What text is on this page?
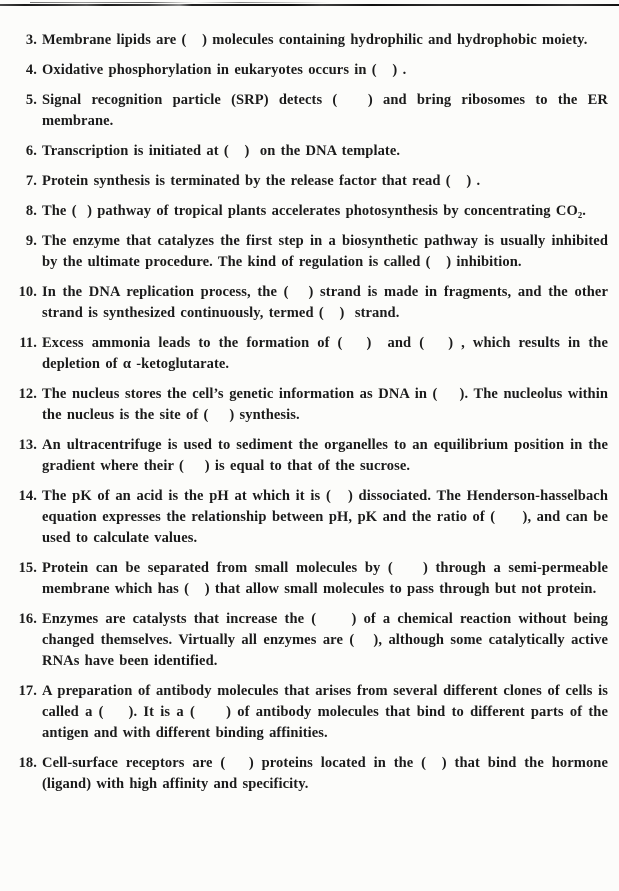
3. Membrane lipids are (   ) molecules containing hydrophilic and hydrophobic moiety.
4. Oxidative phosphorylation in eukaryotes occurs in (   ) .
5. Signal recognition particle (SRP) detects (   ) and bring ribosomes to the ER membrane.
6. Transcription is initiated at (   )  on the DNA template.
7. Protein synthesis is terminated by the release factor that read (   ) .
8. The (  ) pathway of tropical plants accelerates photosynthesis by concentrating CO₂.
9. The enzyme that catalyzes the first step in a biosynthetic pathway is usually inhibited by the ultimate procedure. The kind of regulation is called (   ) inhibition.
10. In the DNA replication process, the (   ) strand is made in fragments, and the other strand is synthesized continuously, termed (   )  strand.
11. Excess ammonia leads to the formation of (   )  and (   ) , which results in the depletion of α -ketoglutarate.
12. The nucleus stores the cell’s genetic information as DNA in (    ). The nucleolus within the nucleus is the site of (    ) synthesis.
13. An ultracentrifuge is used to sediment the organelles to an equilibrium position in the gradient where their (    ) is equal to that of the sucrose.
14. The pK of an acid is the pH at which it is (   ) dissociated. The Henderson-hasselbach equation expresses the relationship between pH, pK and the ratio of (     ), and can be used to calculate values.
15. Protein can be separated from small molecules by (    ) through a semi-permeable membrane which has (   ) that allow small molecules to pass through but not protein.
16. Enzymes are catalysts that increase the (     ) of a chemical reaction without being changed themselves. Virtually all enzymes are (   ), although some catalytically active RNAs have been identified.
17. A preparation of antibody molecules that arises from several different clones of cells is called a (    ). It is a (     ) of antibody molecules that bind to different parts of the antigen and with different binding affinities.
18. Cell-surface receptors are (   ) proteins located in the (  ) that bind the hormone (ligand) with high affinity and specificity.
